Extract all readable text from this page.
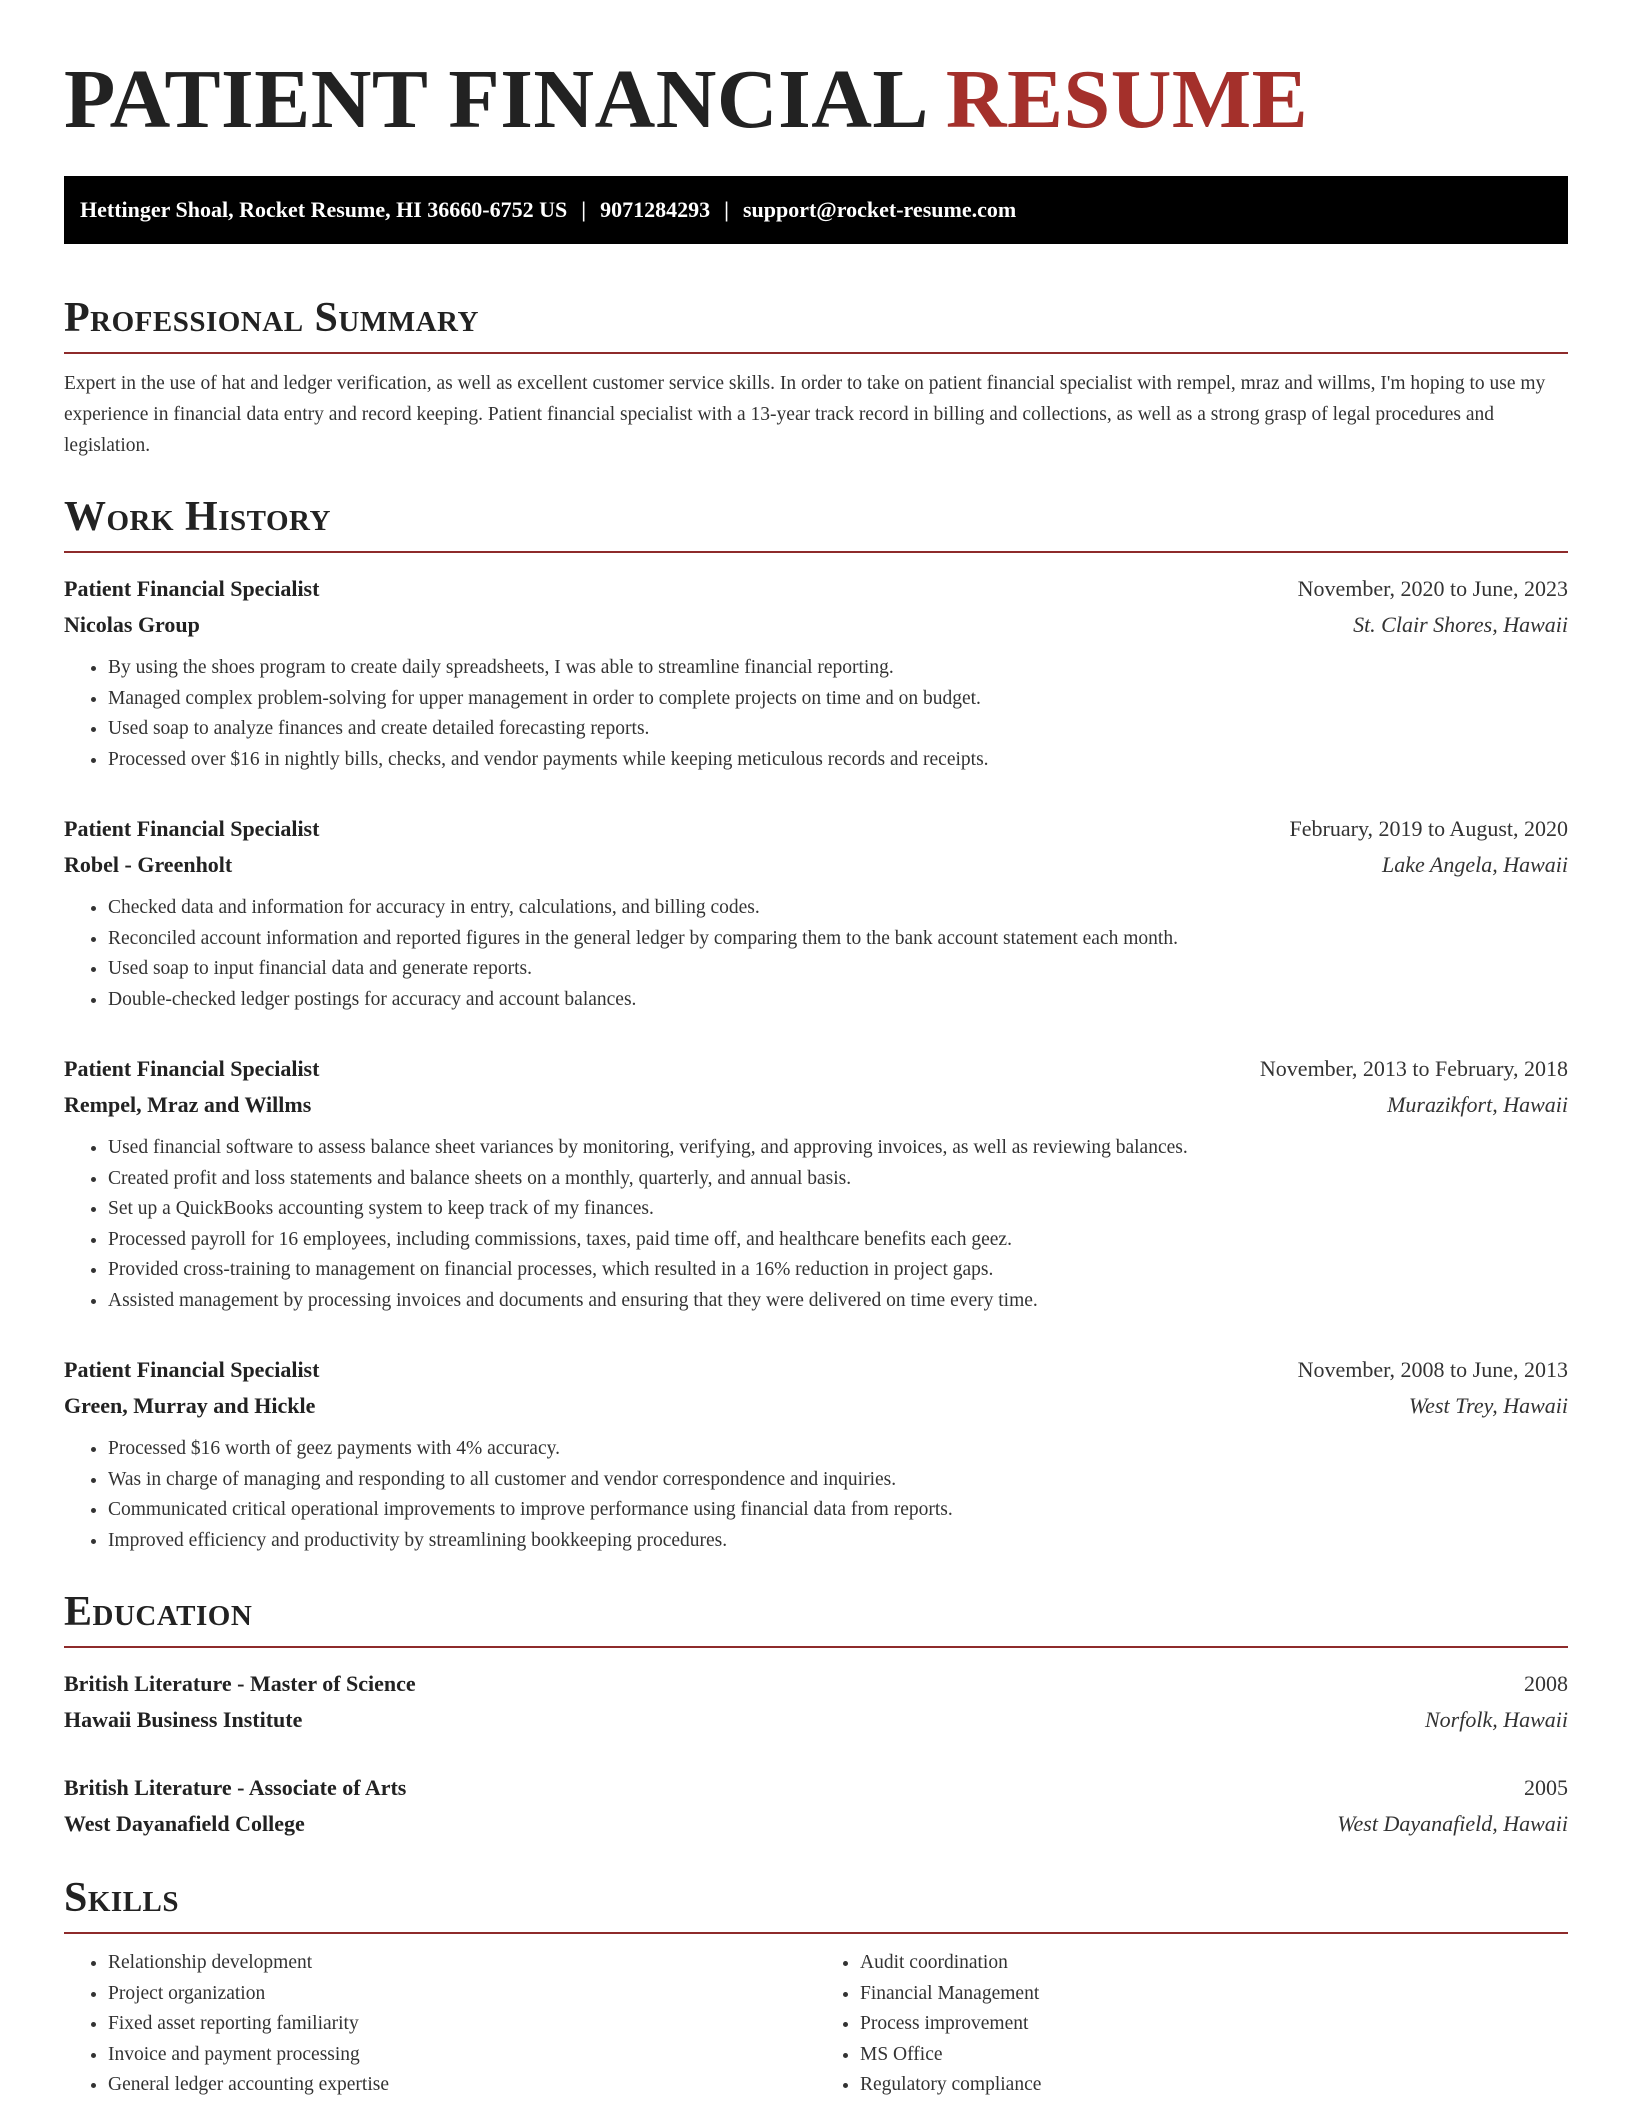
PATIENT FINANCIAL RESUME
Hettinger Shoal, Rocket Resume, HI 36660-6752 US | 9071284293 | support@rocket-resume.com
Professional Summary

Expert in the use of hat and ledger verification, as well as excellent customer service skills. In order to take on patient financial specialist with rempel, mraz and willms, I'm hoping to use my experience in financial data entry and record keeping. Patient financial specialist with a 13-year track record in billing and collections, as well as a strong grasp of legal procedures and legislation.

Work History
Patient Financial Specialist	November, 2020 to June, 2023
Nicolas Group	St. Clair Shores, Hawaii
• By using the shoes program to create daily spreadsheets, I was able to streamline financial reporting.
• Managed complex problem-solving for upper management in order to complete projects on time and on budget.
• Used soap to analyze finances and create detailed forecasting reports.
• Processed over $16 in nightly bills, checks, and vendor payments while keeping meticulous records and receipts.
Patient Financial Specialist	February, 2019 to August, 2020
Robel - Greenholt	Lake Angela, Hawaii
• Checked data and information for accuracy in entry, calculations, and billing codes.
• Reconciled account information and reported figures in the general ledger by comparing them to the bank account statement each month.
• Used soap to input financial data and generate reports.
• Double-checked ledger postings for accuracy and account balances.
Patient Financial Specialist	November, 2013 to February, 2018
Rempel, Mraz and Willms	Murazikfort, Hawaii
• Used financial software to assess balance sheet variances by monitoring, verifying, and approving invoices, as well as reviewing balances.
• Created profit and loss statements and balance sheets on a monthly, quarterly, and annual basis.
• Set up a QuickBooks accounting system to keep track of my finances.
• Processed payroll for 16 employees, including commissions, taxes, paid time off, and healthcare benefits each geez.
• Provided cross-training to management on financial processes, which resulted in a 16% reduction in project gaps.
• Assisted management by processing invoices and documents and ensuring that they were delivered on time every time.
Patient Financial Specialist	November, 2008 to June, 2013
Green, Murray and Hickle	West Trey, Hawaii
• Processed $16 worth of geez payments with 4% accuracy.
• Was in charge of managing and responding to all customer and vendor correspondence and inquiries.
• Communicated critical operational improvements to improve performance using financial data from reports.
• Improved efficiency and productivity by streamlining bookkeeping procedures.
Education
British Literature - Master of Science	2008
Hawaii Business Institute	Norfolk, Hawaii
British Literature - Associate of Arts	2005
West Dayanafield College	West Dayanafield, Hawaii
Skills
• Relationship development
• Project organization
• Fixed asset reporting familiarity
• Invoice and payment processing
• General ledger accounting expertise
• Audit coordination
• Financial Management
• Process improvement
• MS Office
• Regulatory compliance
